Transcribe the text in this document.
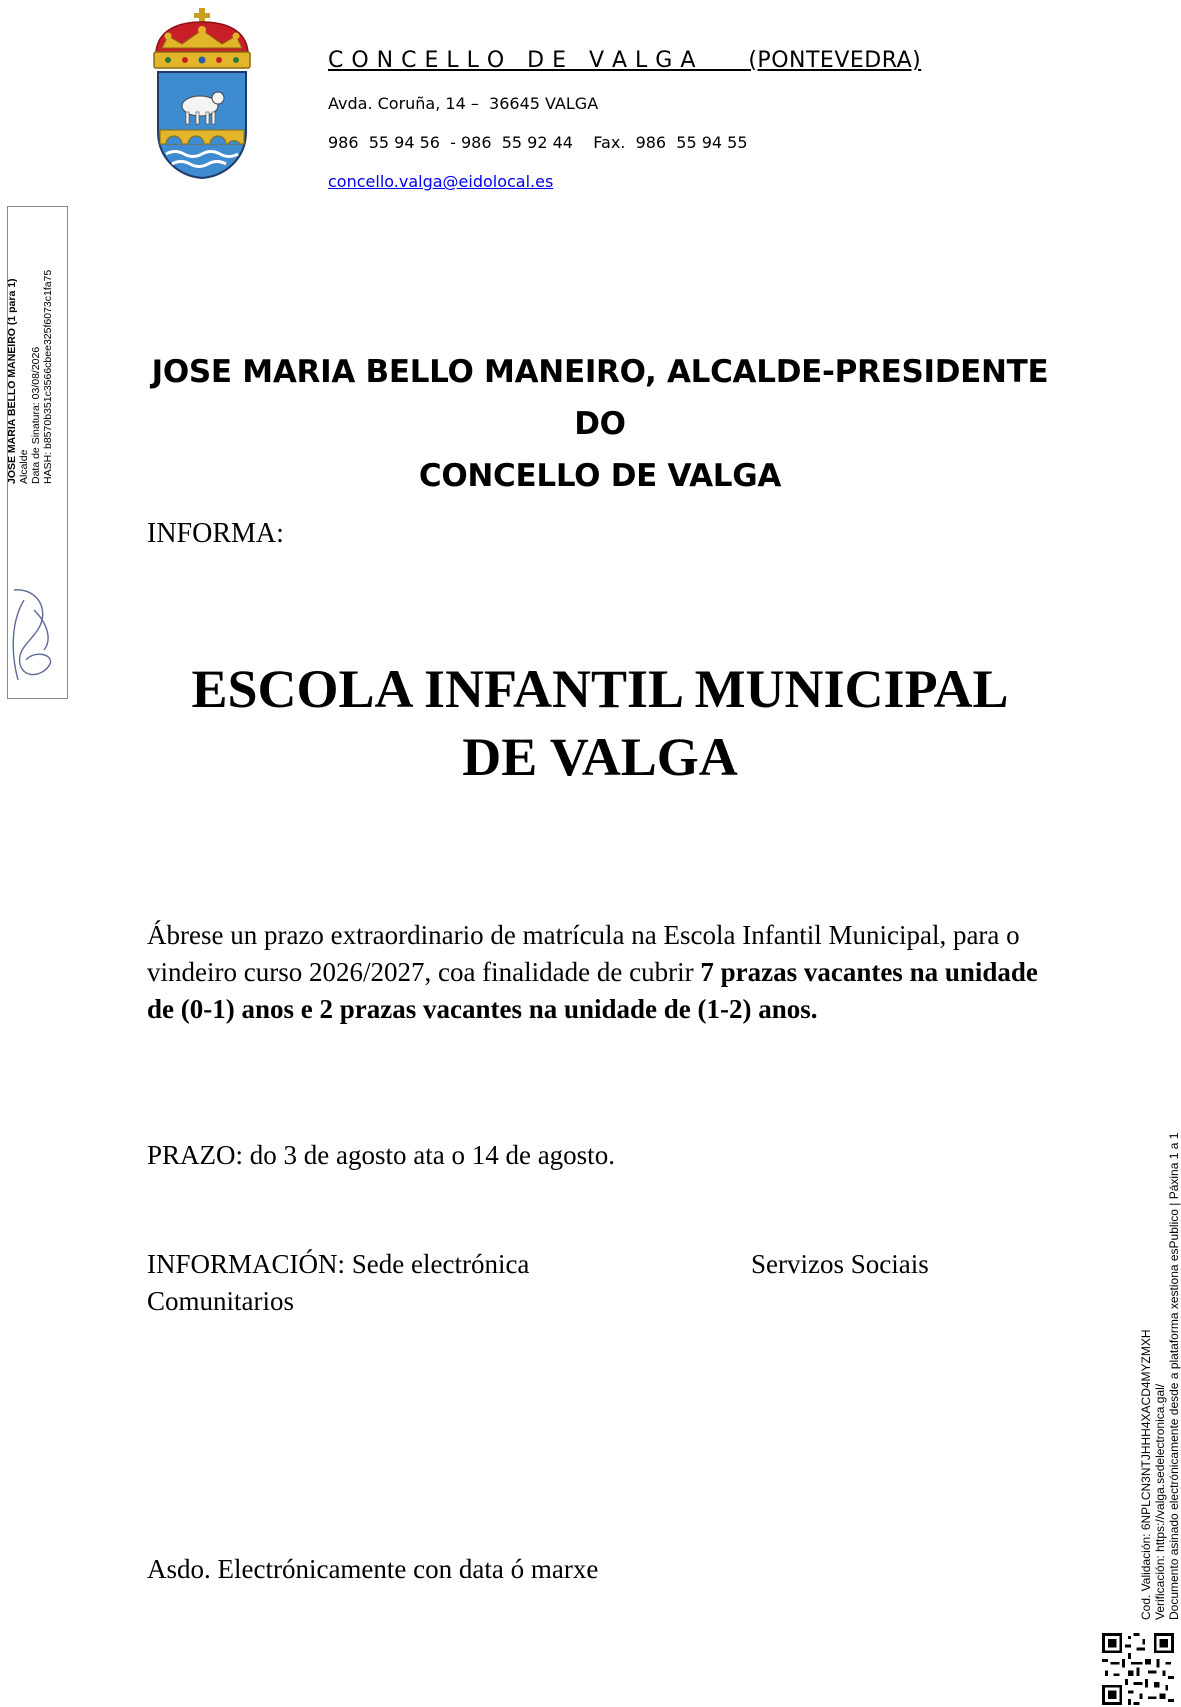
C O N C E L L O   D E   V A L G A       (PONTEVEDRA)
Avda. Coruña, 14 –  36645 VALGA
986  55 94 56  - 986  55 92 44    Fax.  986  55 94 55
concello.valga@eidolocal.es
JOSE MARIA BELLO MANEIRO (1 para 1) Alcalde Data de Sinatura: 03/08/2026 HASH: b8570b351c3566cbee325f6073c1fa75	JOSE MARIA BELLO MANEIRO, ALCALDE-PRESIDENTE DO
CONCELLO DE VALGA
INFORMA:
ESCOLA INFANTIL MUNICIPAL
DE VALGA
Ábrese un prazo extraordinario de matrícula na Escola Infantil Municipal, para o vindeiro curso 2026/2027, coa finalidade de cubrir 7 prazas vacantes na unidade de (0-1) anos e 2 prazas vacantes na unidade de (1-2) anos.
PRAZO: do 3 de agosto ata o 14 de agosto.
INFORMACIÓN: Sede electrónica
Comunitarios
Servizos Sociais
Asdo. Electrónicamente con data ó marxe	Cod. Validación: 6NPLCN3NTJHHH4XACD4MYZMXH Verificación: https://valga.sedelectronica.gal/ Documento asinado electrónicamente desde a plataforma xestiona esPublico | Páxina 1 a 1
